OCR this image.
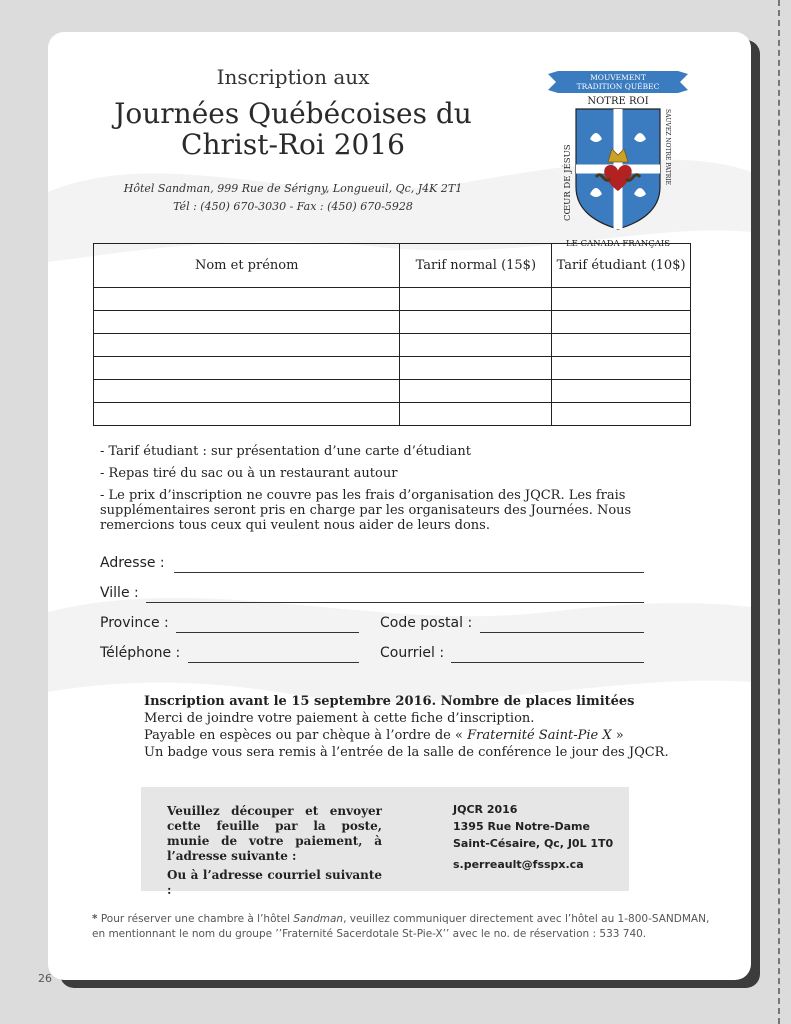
Inscription aux
Journées Québécoises du
Christ-Roi 2016
Hôtel Sandman, 999 Rue de Sérigny, Longueuil, Qc, J4K 2T1
Tél : (450) 670-3030 - Fax : (450) 670-5928
MOUVEMENT
TRADITION QUÉBEC
NOTRE ROI
CŒUR DE JÉSUS	SAUVEZ NOTRE PATRIE
LE CANADA FRANÇAIS
Nom et prénom	Tarif normal (15$)	Tarif étudiant (10$)

- Tarif étudiant : sur présentation d’une carte d’étudiant

- Repas tiré du sac ou à un restaurant autour

- Le prix d’inscription ne couvre pas les frais d’organisation des JQCR. Les frais supplémentaires seront pris en charge par les organisateurs des Journées. Nous remercions tous ceux qui veulent nous aider de leurs dons.

Adresse :
Ville :
Province :	Code postal :
Téléphone :	Courriel :

Inscription avant le 15 septembre 2016. Nombre de places limitées

Merci de joindre votre paiement à cette fiche d’inscription.

Payable en espèces ou par chèque à l’ordre de « Fraternité Saint-Pie X »

Un badge vous sera remis à l’entrée de la salle de conférence le jour des JQCR.

Veuillez découper et envoyer cette feuille par la poste, munie de votre paiement, à l’adresse suivante :

Ou à l’adresse courriel suivante :

JQCR 2016

1395 Rue Notre-Dame

Saint-Césaire, Qc, J0L 1T0

s.perreault@fsspx.ca

* Pour réserver une chambre à l’hôtel Sandman, veuillez communiquer directement avec l’hôtel au 1-800-SANDMAN,

en mentionnant le nom du groupe ’’Fraternité Sacerdotale St-Pie-X’’ avec le no. de réservation : 533 740.

26
